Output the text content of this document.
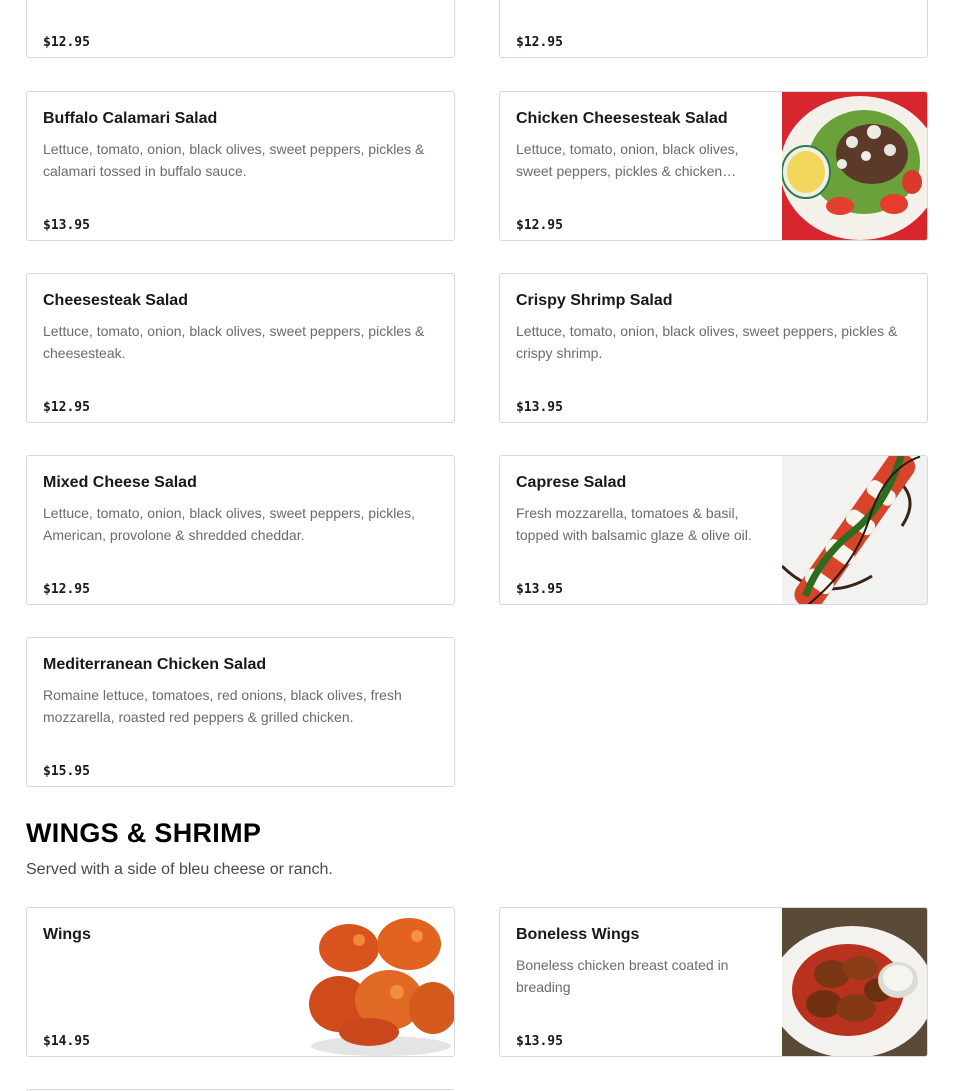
$12.95	$12.95
Buffalo Calamari Salad
Lettuce, tomato, onion, black olives, sweet peppers, pickles & calamari tossed in buffalo sauce.
$13.95
Chicken Cheesesteak Salad
Lettuce, tomato, onion, black olives, sweet peppers, pickles & chicken…
$12.95
Cheesesteak Salad
Lettuce, tomato, onion, black olives, sweet peppers, pickles & cheesesteak.
$12.95
Crispy Shrimp Salad
Lettuce, tomato, onion, black olives, sweet peppers, pickles & crispy shrimp.
$13.95
Mixed Cheese Salad
Lettuce, tomato, onion, black olives, sweet peppers, pickles, American, provolone & shredded cheddar.
$12.95
Caprese Salad
Fresh mozzarella, tomatoes & basil, topped with balsamic glaze & olive oil.
$13.95
Mediterranean Chicken Salad
Romaine lettuce, tomatoes, red onions, black olives, fresh mozzarella, roasted red peppers & grilled chicken.
$15.95
WINGS & SHRIMP

Served with a side of bleu cheese or ranch.

Wings
$14.95
Boneless Wings
Boneless chicken breast coated in breading
$13.95
